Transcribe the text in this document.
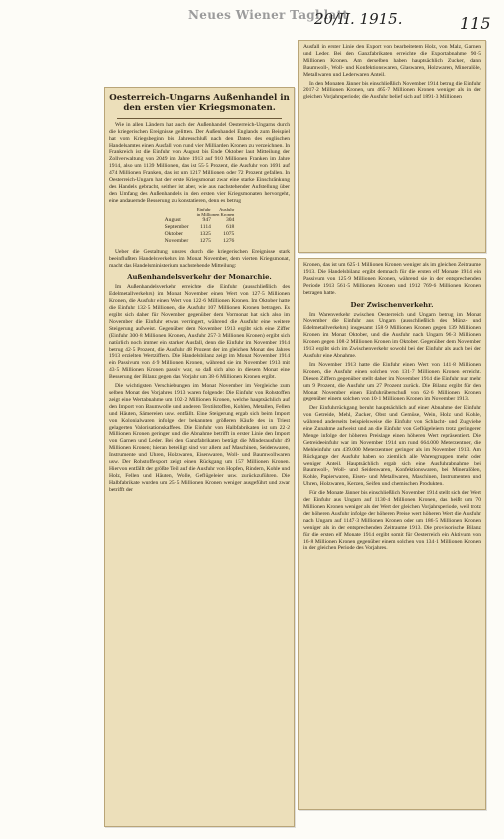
Neues Wiener Tagblatt
20/II. 1915.	115
Oesterreich-Ungarns Außenhandel in den ersten vier Kriegsmonaten.

Wie in allen Ländern hat auch der Außenhandel Oesterreich-Ungarns durch die kriegerischen Ereignisse gelitten. Der Außenhandel Englands zum Beispiel hat vom Kriegsbeginn bis Jahresschluß nach den Daten des englischen Handelsamtes einen Ausfall von rund vier Milliarden Kronen zu verzeichnen. In Frankreich ist die Einfuhr von August bis Ende Oktober laut Mitteilung der Zollverwaltung von 2049 im Jahre 1913 auf 910 Millionen Franken im Jahre 1914, also um 1139 Millionen, das ist 55·5 Prozent, die Ausfuhr von 1691 auf 474 Millionen Franken, das ist um 1217 Millionen oder 72 Prozent gefallen. In Oesterreich-Ungarn hat der erste Kriegsmonat zwar eine starke Einschränkung des Handels gebracht, seither ist aber, wie aus nachstehender Aufstellung über den Umfang des Außenhandels in den ersten vier Kriegsmonaten hervorgeht, eine andauernde Besserung zu konstatieren, denn es betrug

	Einfuhr	Ausfuhr
	in Millionen Kronen	
August	947	304
September	1114	618
Oktober	1325	1075
November	1275	1276

Ueber die Gestaltung unsres durch die kriegerischen Ereignisse stark beeinflußten Handelsverkehrs im Monat November, dem vierten Kriegsmonat, macht das Handelsministerium nachstehende Mitteilung:

Außenhandelsverkehr der Monarchie.

Im Außenhandelsverkehr erreichte die Einfuhr (ausschließlich des Edelmetallverkehrs) im Monat November einen Wert von 127·5 Millionen Kronen, die Ausfuhr einen Wert von 122·6 Millionen Kronen. Im Oktober hatte die Einfuhr 132·5 Millionen, die Ausfuhr 107 Millionen Kronen betragen. Es ergibt sich daher für November gegenüber dem Vormonat hat sich also im November die Einfuhr etwas verringert, während die Ausfuhr eine weitere Steigerung aufweist. Gegenüber dem November 1913 ergibt sich eine Ziffer (Einfuhr 300·8 Millionen Kronen, Ausfuhr 257·3 Millionen Kronen) ergibt sich natürlich noch immer ein starker Ausfall, denn die Einfuhr im November 1914 betrug 42·5 Prozent, die Ausfuhr 48 Prozent der im gleichen Monat des Jahres 1913 erzielten Wertziffern. Die Handelsbilanz zeigt im Monat November 1914 ein Passivum von 4·9 Millionen Kronen, während sie im November 1913 mit 43·5 Millionen Kronen passiv war, so daß sich also in diesem Monat eine Besserung der Bilanz gegen das Vorjahr um 38·6 Millionen Kronen ergibt.

Die wichtigsten Verschiebungen im Monat November im Vergleiche zum selben Monat des Vorjahres 1913 waren folgende: Die Einfuhr von Rohstoffen zeigt eine Wertabnahme um 102·2 Millionen Kronen, welche hauptsächlich auf den Import von Baumwolle und anderen Textilstoffen, Kohlen, Metallen, Fellen und Häuten, Sämereien usw. entfällt. Eine Steigerung ergab sich beim Import von Kolonialwaren infolge der bekannten größeren Käufe des in Triest gelagerten Valorisationskaffees. Die Einfuhr von Halbfabrikaten ist um 22·2 Millionen Kronen geringer und die Abnahme betrifft in erster Linie den Import von Garnen und Leder. Bei den Ganzfabrikaten beträgt die Minderausfuhr 49 Millionen Kronen; hieran beteiligt sind vor allem auf Maschinen, Seidenwaren, Instrumente und Uhren, Holzwaren, Eisenwaren, Woll- und Baumwollwaren usw. Der Rohstoffexport zeigt einen Rückgang um 157 Millionen Kronen. Hiervon entfällt der größte Teil auf die Ausfuhr von Hopfen, Rindern, Kohle und Holz, Fellen und Häuten, Wolle, Geflügeleier usw. zurückzuführen. Die Halbfabrikate wurden um 25·5 Millionen Kronen weniger ausgeführt und zwar betrifft der

Ausfall in erster Linie den Export von bearbeitetem Holz, von Malz, Garnen und Leder. Bei den Ganzfabrikaten erreichte die Exportabnahme 90·5 Millionen Kronen. Am derselben haben hauptsächlich Zucker, dann Baumwoll-, Woll- und Konfektionswaren, Glaswaren, Holzwaren, Mineralöle, Metallwaren und Lederwaren Anteil.

In den Monaten Jänner bis einschließlich November 1914 betrug die Einfuhr 2017·2 Millionen Kronen, um 465·7 Millionen Kronen weniger als in der gleichen Vorjahrsperiode; die Ausfuhr belief sich auf 1891·3 Millionen

Kronen, das ist um 625·1 Millionen Kronen weniger als im gleichen Zeitraume 1913. Die Handelsbilanz ergibt demnach für die ersten elf Monate 1914 ein Passivum von 125·9 Millionen Kronen, während sie in der entsprechenden Periode 1913 561·5 Millionen Kronen und 1912 769·6 Millionen Kronen betragen hatte.

Der Zwischenverkehr.

Im Warenverkehr zwischen Oesterreich und Ungarn betrug im Monat November die Einfuhr aus Ungarn (ausschließlich des Münz- und Edelmetallverkehrs) insgesamt 158·9 Millionen Kronen gegen 139 Millionen Kronen im Monat Oktober, und die Ausfuhr nach Ungarn 96·3 Millionen Kronen gegen 108·2 Millionen Kronen im Oktober. Gegenüber dem November 1913 ergibt sich im Zwischenverkehr sowohl bei der Einfuhr als auch bei der Ausfuhr eine Abnahme.

Im November 1913 hatte die Einfuhr einen Wert von 141·8 Millionen Kronen, die Ausfuhr einen solchen von 131·7 Millionen Kronen erreicht. Diesen Ziffern gegenüber stellt daher im November 1914 die Einfuhr nur mehr um 9 Prozent, die Ausfuhr um 27 Prozent zurück. Die Bilanz ergibt für den Monat November einen Einfuhrüberschuß von 62·6 Millionen Kronen gegenüber einem solchen von 10·1 Millionen Kronen im November 1913.

Der Einfuhrrückgang beruht hauptsächlich auf einer Abnahme der Einfuhr von Getreide, Mehl, Zucker, Obst und Gemüse, Wein, Holz und Kohle, während anderseits beispielsweise die Einfuhr von Schlacht- und Zugviehe eine Zunahme aufweist und an die Einfuhr von Geflügeleiern trotz geringerer Menge infolge der höheren Preislage einen höheren Wert repräsentiert. Die Getreideeinfuhr war im November 1914 um rund 664.000 Meterzentner, die Mehleinfuhr um 439.000 Meterzentner geringer als im November 1913. Am Rückgange der Ausfuhr haben so ziemlich alle Warengruppen mehr oder weniger Anteil. Hauptsächlich ergab sich eine Ausfuhrabnahme bei Baumwoll-, Woll- und Seidenwaren, Konfektionswaren, bei Mineralölen, Kohle, Papierwaren, Eisen- und Metallwaren, Maschinen, Instrumenten und Uhren, Holzwaren, Kerzen, Seifen und chemischen Produkten.

Für die Monate Jänner bis einschließlich November 1914 stellt sich der Wert der Einfuhr aus Ungarn auf 1130·4 Millionen Kronen, das heißt um 70 Millionen Kronen weniger als der Wert der gleichen Vorjahrsperiode, weil trotz der höheren Ausfuhr infolge der höheren Preise wert höheren Wert die Ausfuhr nach Ungarn auf 1147·3 Millionen Kronen oder um 186·5 Millionen Kronen weniger als in der entsprechenden Zeitraume 1913. Die provisorische Bilanz für die ersten elf Monate 1914 ergibt somit für Oesterreich ein Aktivum von 16·8 Millionen Kronen gegenüber einem solchen von 134·1 Millionen Kronen in der gleichen Periode des Vorjahres.
